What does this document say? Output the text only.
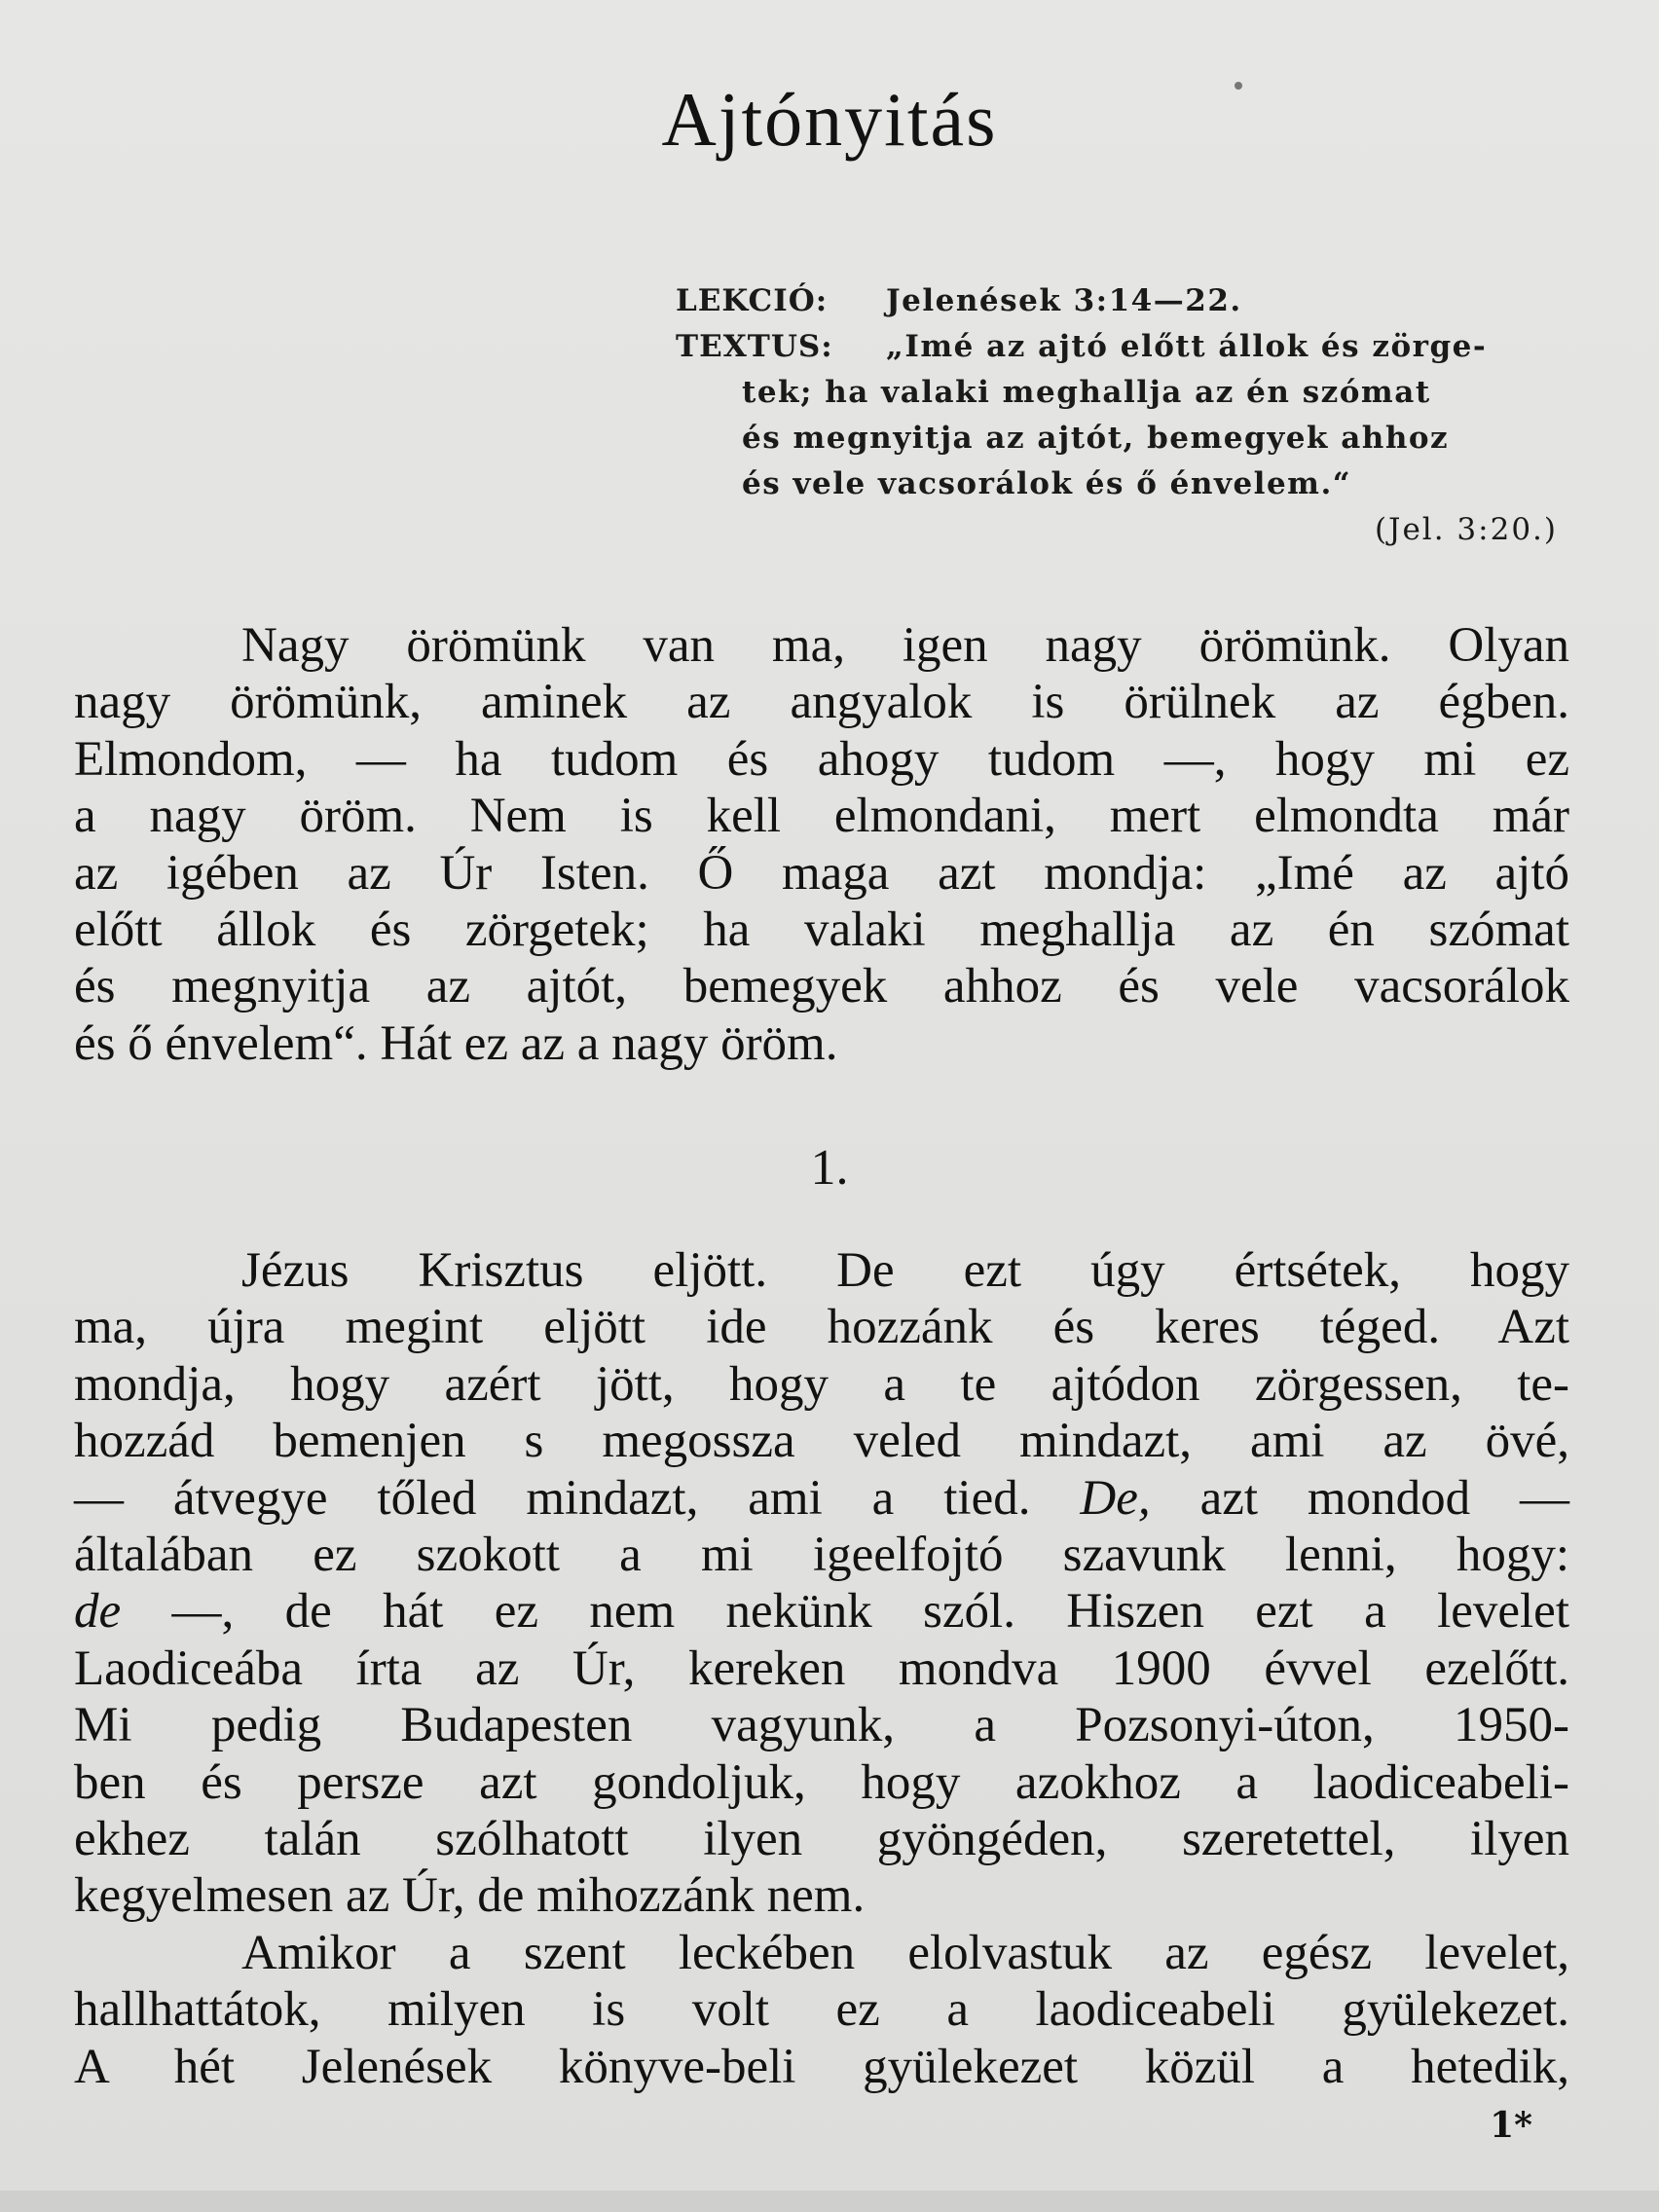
Ajtónyitás
LEKCIÓ:	Jelenések 3:14—22.
TEXTUS:	„Imé az ajtó előtt állok és zörge-
tek; ha valaki meghallja az én szómat
és megnyitja az ajtót, bemegyek ahhoz
és vele vacsorálok és ő énvelem.“
(Jel. 3:20.)
Nagy örömünk van ma, igen nagy örömünk. Olyan
nagy örömünk, aminek az angyalok is örülnek az égben.
Elmondom, — ha tudom és ahogy tudom —, hogy mi ez
a nagy öröm. Nem is kell elmondani, mert elmondta már
az igében az Úr Isten. Ő maga azt mondja: „Imé az ajtó
előtt állok és zörgetek; ha valaki meghallja az én szómat
és megnyitja az ajtót, bemegyek ahhoz és vele vacsorálok
és ő énvelem“. Hát ez az a nagy öröm.
1.
Jézus Krisztus eljött. De ezt úgy értsétek, hogy
ma, újra megint eljött ide hozzánk és keres téged. Azt
mondja, hogy azért jött, hogy a te ajtódon zörgessen, te-
hozzád bemenjen s megossza veled mindazt, ami az övé,
— átvegye tőled mindazt, ami a tied. De, azt mondod —
általában ez szokott a mi igeelfojtó szavunk lenni, hogy:
de —, de hát ez nem nekünk szól. Hiszen ezt a levelet
Laodiceába írta az Úr, kereken mondva 1900 évvel ezelőtt.
Mi pedig Budapesten vagyunk, a Pozsonyi-úton, 1950-
ben és persze azt gondoljuk, hogy azokhoz a laodiceabeli-
ekhez talán szólhatott ilyen gyöngéden, szeretettel, ilyen
kegyelmesen az Úr, de mihozzánk nem.
Amikor a szent leckében elolvastuk az egész levelet,
hallhattátok, milyen is volt ez a laodiceabeli gyülekezet.
A hét Jelenések könyve-beli gyülekezet közül a hetedik,
1*
